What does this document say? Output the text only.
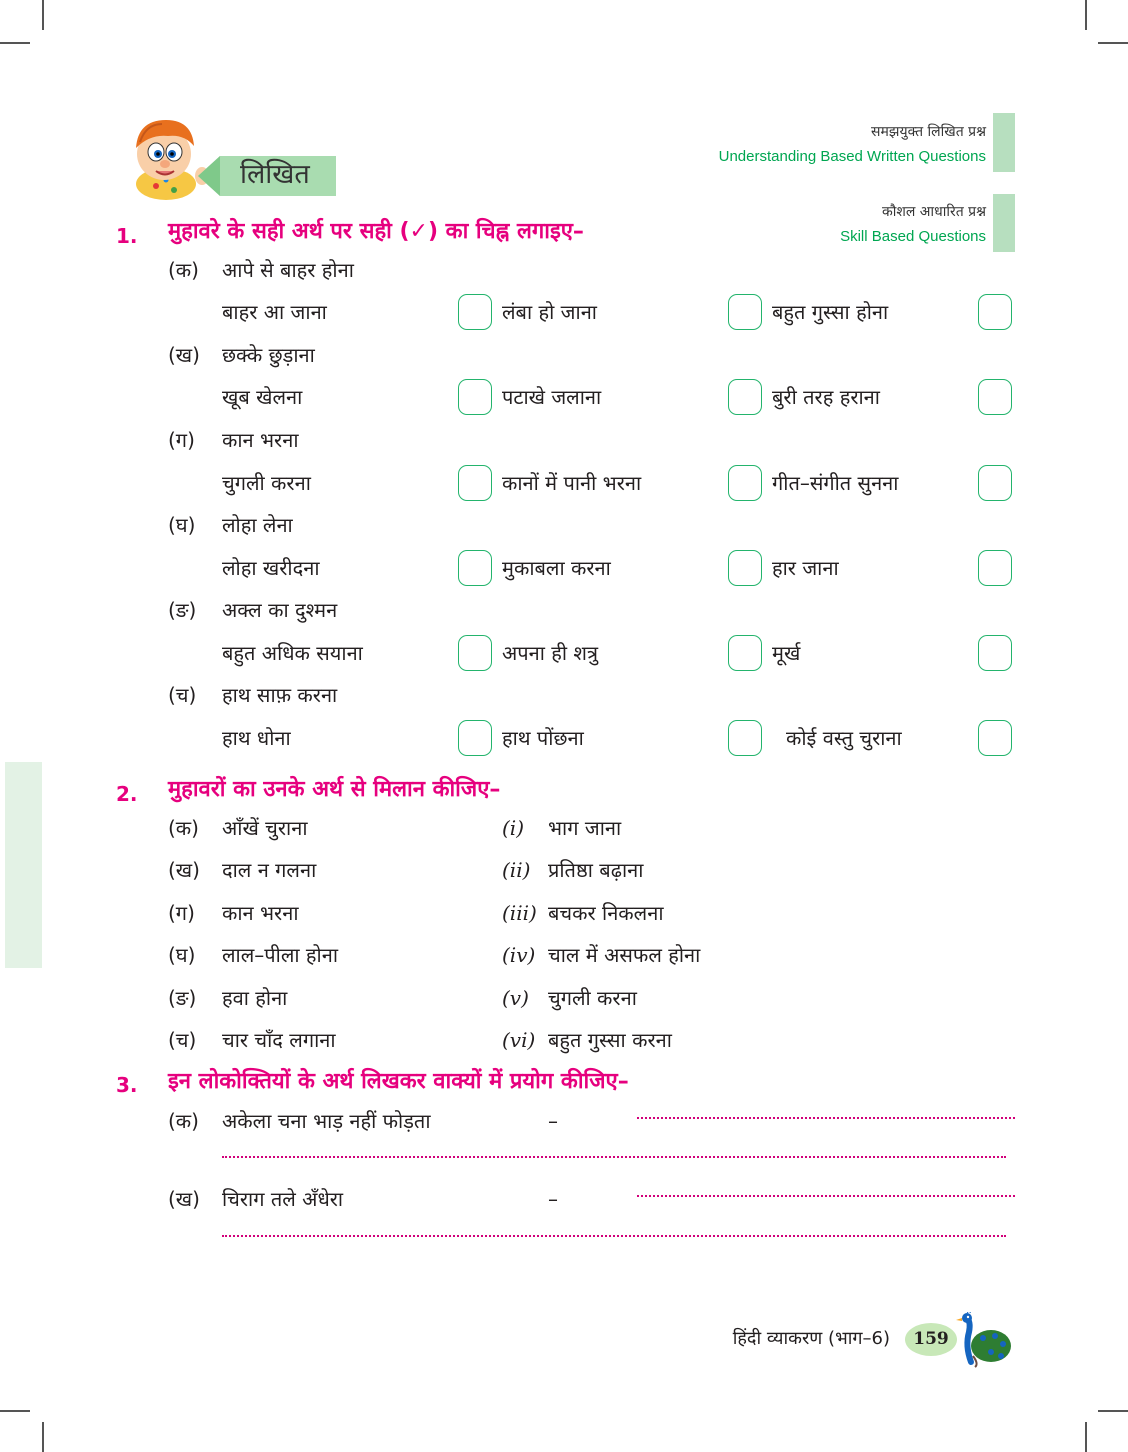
लिखित
समझयुक्त लिखित प्रश्न
Understanding Based Written Questions
कौशल आधारित प्रश्न
Skill Based Questions
1. मुहावरे के सही अर्थ पर सही (✓) का चिह्न लगाइए–
(क) आपे से बाहर होना
बाहर आ जाना	लंबा हो जाना	बहुत गुस्सा होना
(ख) छक्के छुड़ाना
खूब खेलना	पटाखे जलाना	बुरी तरह हराना
(ग) कान भरना
चुगली करना	कानों में पानी भरना	गीत–संगीत सुनना
(घ) लोहा लेना
लोहा खरीदना	मुकाबला करना	हार जाना
(ङ) अक्ल का दुश्मन
बहुत अधिक सयाना	अपना ही शत्रु	मूर्ख
(च) हाथ साफ़ करना
हाथ धोना	हाथ पोंछना	कोई वस्तु चुराना
2. मुहावरों का उनके अर्थ से मिलान कीजिए–
(क) आँखें चुराना	(i) भाग जाना
(ख) दाल न गलना	(ii) प्रतिष्ठा बढ़ाना
(ग) कान भरना	(iii) बचकर निकलना
(घ) लाल–पीला होना	(iv) चाल में असफल होना
(ङ) हवा होना	(v) चुगली करना
(च) चार चाँद लगाना	(vi) बहुत गुस्सा करना
3. इन लोकोक्तियों के अर्थ लिखकर वाक्यों में प्रयोग कीजिए–
(क) अकेला चना भाड़ नहीं फोड़ता	–
(ख) चिराग तले अँधेरा	–
हिंदी व्याकरण (भाग–6)	159
